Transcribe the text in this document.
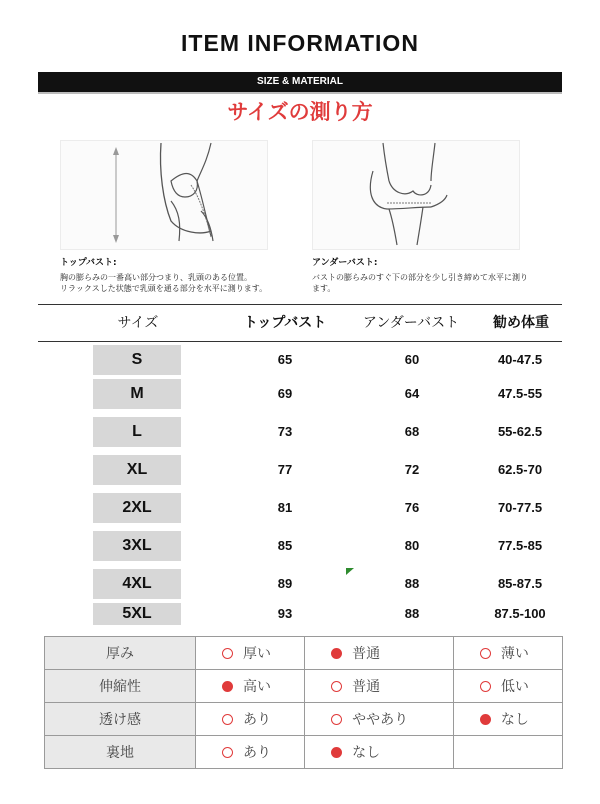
ITEM INFORMATION
SIZE & MATERIAL
サイズの測り方
トップバスト:
胸の膨らみの一番高い部分つまり、乳頭のある位置。
リラックスした状態で乳頭を通る部分を水平に測ります。
アンダーバスト:
バストの膨らみのすぐ下の部分を少し引き締めて水平に測り
ます。
サイズ	トップバスト	アンダーバスト	勧め体重
S	65	60	40-47.5
M	69	64	47.5-55
L	73	68	55-62.5
XL	77	72	62.5-70
2XL	81	76	70-77.5
3XL	85	80	77.5-85
4XL	89	88	85-87.5
5XL	93	88	87.5-100
厚み	厚い	普通	薄い
伸縮性	高い	普通	低い
透け感	あり	ややあり	なし
裏地	あり	なし	
